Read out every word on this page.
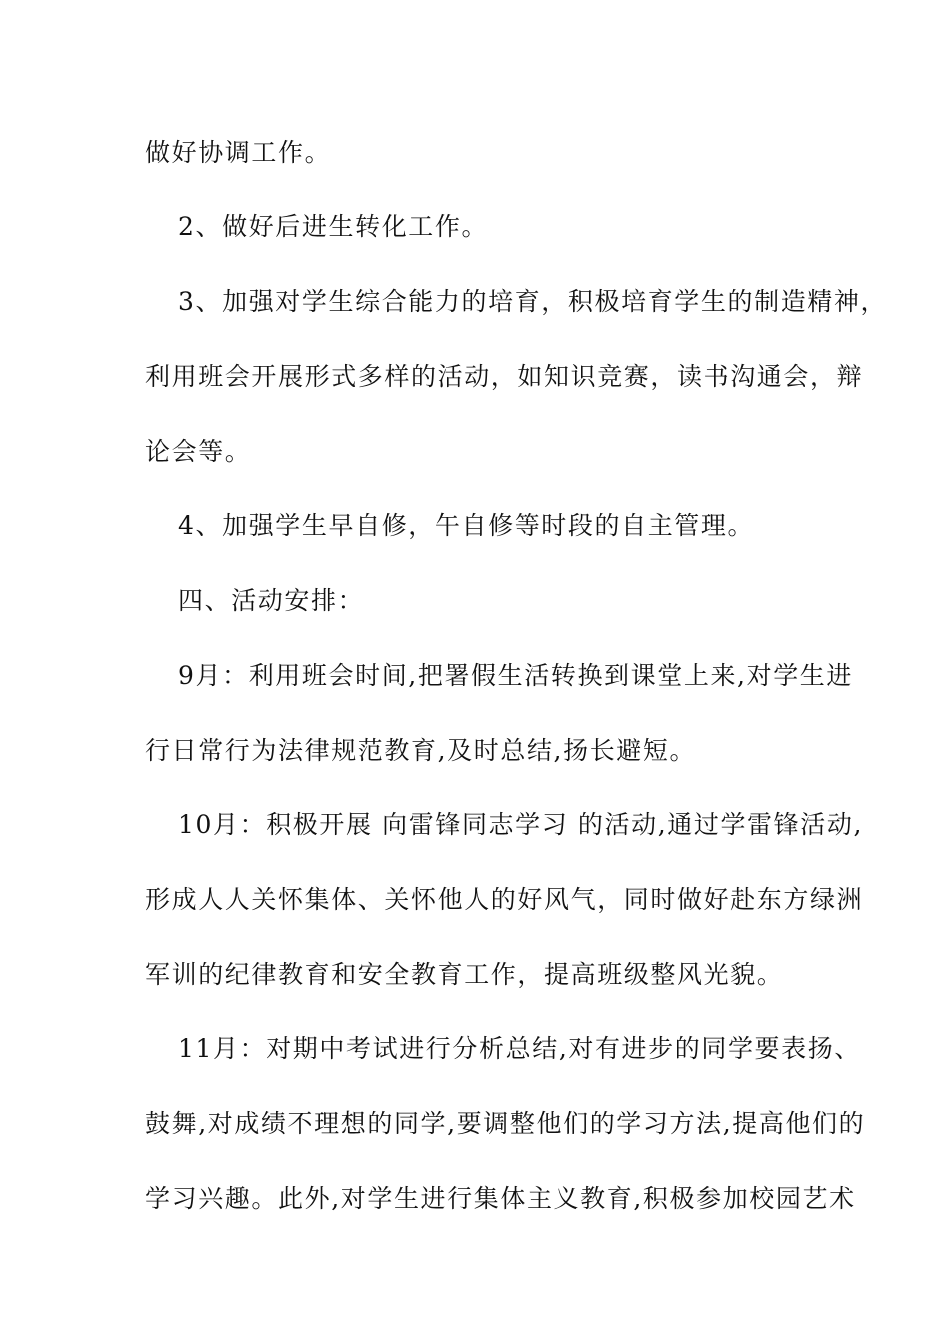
做好协调工作。
2、做好后进生转化工作。
3、加强对学生综合能力的培育，积极培育学生的制造精神，
利用班会开展形式多样的活动，如知识竞赛，读书沟通会，辩
论会等。
4、加强学生早自修，午自修等时段的自主管理。
四、活动安排：
9月：利用班会时间,把署假生活转换到课堂上来,对学生进
行日常行为法律规范教育,及时总结,扬长避短。
10月：积极开展 向雷锋同志学习 的活动,通过学雷锋活动,
形成人人关怀集体、关怀他人的好风气，同时做好赴东方绿洲
军训的纪律教育和安全教育工作，提高班级整风光貌。
11月：对期中考试进行分析总结,对有进步的同学要表扬、
鼓舞,对成绩不理想的同学,要调整他们的学习方法,提高他们的
学习兴趣。此外,对学生进行集体主义教育,积极参加校园艺术
